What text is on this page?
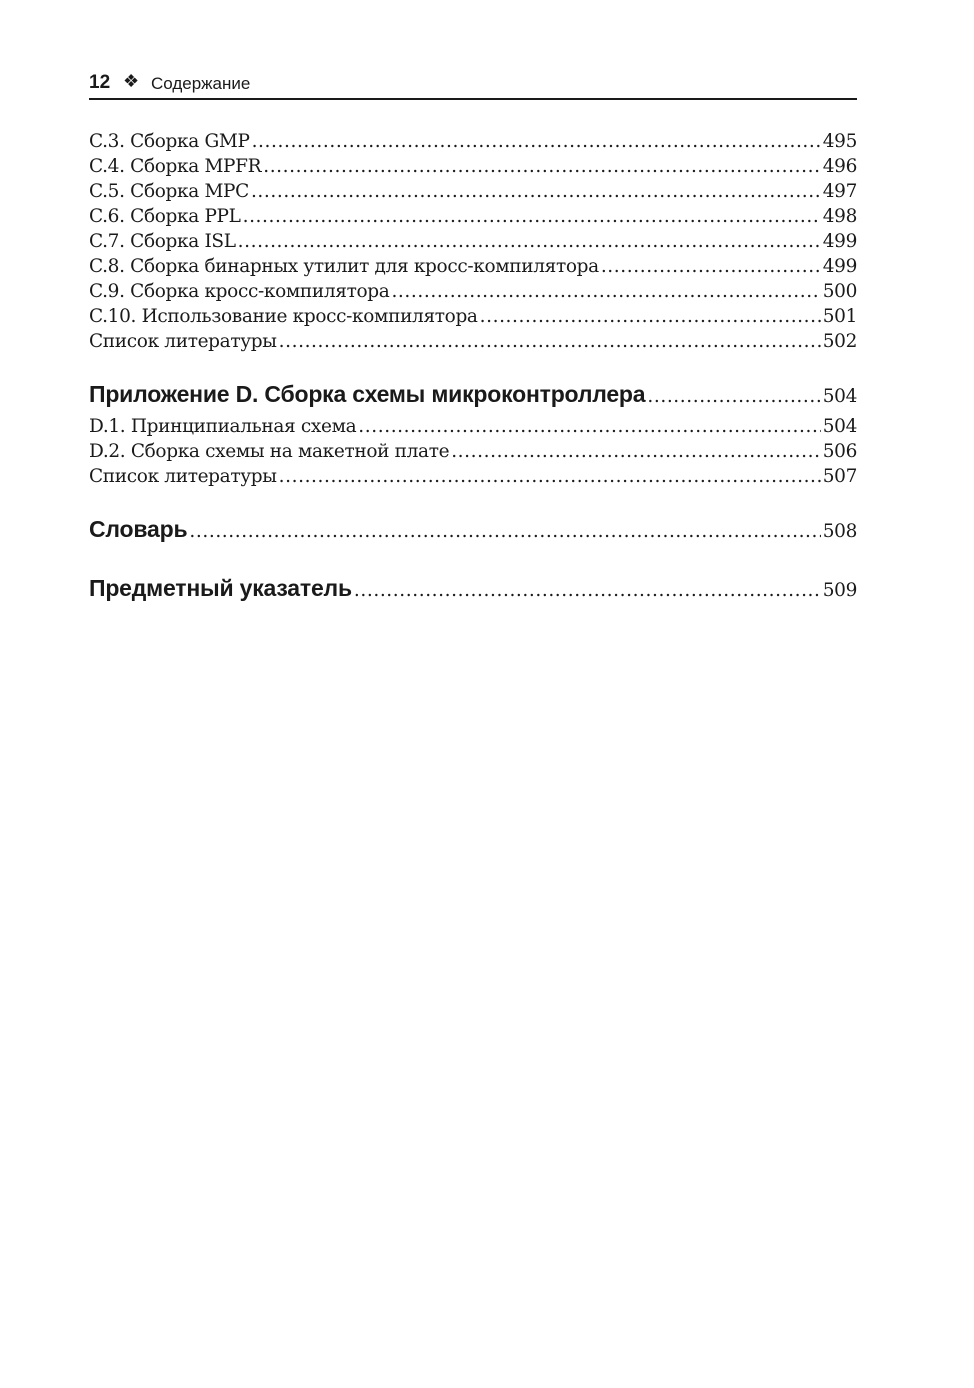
12 ❖ Содержание
C.3. Сборка GMP .....	495
C.4. Сборка MPFR .....	496
C.5. Сборка MPC .....	497
C.6. Сборка PPL .....	498
C.7. Сборка ISL .....	499
C.8. Сборка бинарных утилит для кросс-компилятора .....	499
C.9. Сборка кросс-компилятора .....	500
C.10. Использование кросс-компилятора .....	501
Список литературы .....	502
Приложение D. Сборка схемы микроконтроллера .....	504
D.1. Принципиальная схема .....	504
D.2. Сборка схемы на макетной плате .....	506
Список литературы .....	507
Словарь .....	508
Предметный указатель .....	509
